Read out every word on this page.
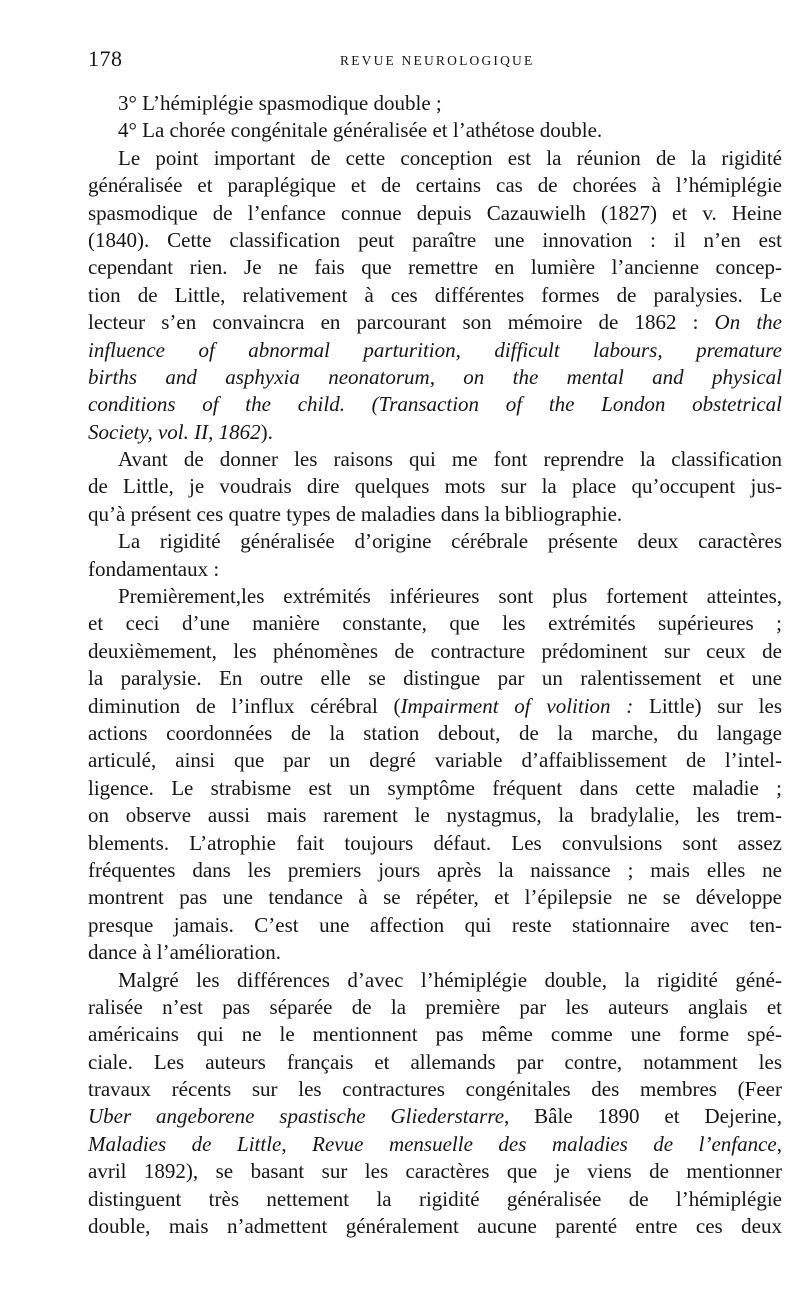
178	REVUE NEUROLOGIQUE
3° L’hémiplégie spasmodique double ;
4° La chorée congénitale généralisée et l’athétose double.
Le point important de cette conception est la réunion de la rigidité
généralisée et paraplégique et de certains cas de chorées à l’hémiplégie
spasmodique de l’enfance connue depuis Cazauwielh (1827) et v. Heine
(1840). Cette classification peut paraître une innovation : il n’en est
cependant rien. Je ne fais que remettre en lumière l’ancienne concep-
tion de Little, relativement à ces différentes formes de paralysies. Le
lecteur s’en convaincra en parcourant son mémoire de 1862 : On the
influence of abnormal parturition, difficult labours, premature
births and asphyxia neonatorum, on the mental and physical
conditions of the child. (Transaction of the London obstetrical
Society, vol. II, 1862).
Avant de donner les raisons qui me font reprendre la classification
de Little, je voudrais dire quelques mots sur la place qu’occupent jus-
qu’à présent ces quatre types de maladies dans la bibliographie.
La rigidité généralisée d’origine cérébrale présente deux caractères
fondamentaux :
Premièrement,les extrémités inférieures sont plus fortement atteintes,
et ceci d’une manière constante, que les extrémités supérieures ;
deuxièmement, les phénomènes de contracture prédominent sur ceux de
la paralysie. En outre elle se distingue par un ralentissement et une
diminution de l’influx cérébral (Impairment of volition : Little) sur les
actions coordonnées de la station debout, de la marche, du langage
articulé, ainsi que par un degré variable d’affaiblissement de l’intel-
ligence. Le strabisme est un symptôme fréquent dans cette maladie ;
on observe aussi mais rarement le nystagmus, la bradylalie, les trem-
blements. L’atrophie fait toujours défaut. Les convulsions sont assez
fréquentes dans les premiers jours après la naissance ; mais elles ne
montrent pas une tendance à se répéter, et l’épilepsie ne se développe
presque jamais. C’est une affection qui reste stationnaire avec ten-
dance à l’amélioration.
Malgré les différences d’avec l’hémiplégie double, la rigidité géné-
ralisée n’est pas séparée de la première par les auteurs anglais et
américains qui ne le mentionnent pas même comme une forme spé-
ciale. Les auteurs français et allemands par contre, notamment les
travaux récents sur les contractures congénitales des membres (Feer
Uber angeborene spastische Gliederstarre, Bâle 1890 et Dejerine,
Maladies de Little, Revue mensuelle des maladies de l’enfance,
avril 1892), se basant sur les caractères que je viens de mentionner
distinguent très nettement la rigidité généralisée de l’hémiplégie
double, mais n’admettent généralement aucune parenté entre ces deux
